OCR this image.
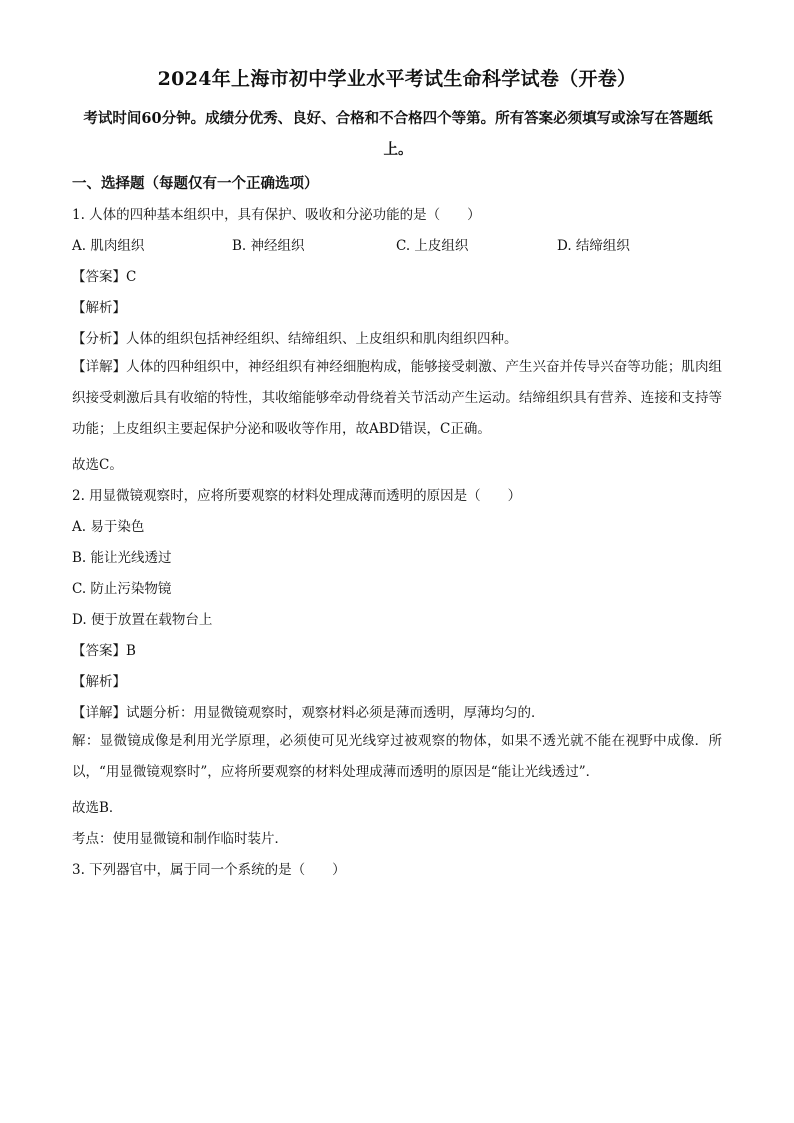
2024年上海市初中学业水平考试生命科学试卷（开卷）
考试时间60分钟。成绩分优秀、良好、合格和不合格四个等第。所有答案必须填写或涂写在答题纸上。
一、选择题（每题仅有一个正确选项）
1. 人体的四种基本组织中，具有保护、吸收和分泌功能的是（　　）
A. 肌肉组织	B. 神经组织	C. 上皮组织	D. 结缔组织
【答案】C
【解析】
【分析】人体的组织包括神经组织、结缔组织、上皮组织和肌肉组织四种。
【详解】人体的四种组织中，神经组织有神经细胞构成，能够接受刺激、产生兴奋并传导兴奋等功能；肌肉组织接受刺激后具有收缩的特性，其收缩能够牵动骨绕着关节活动产生运动。结缔组织具有营养、连接和支持等功能；上皮组织主要起保护分泌和吸收等作用，故ABD错误，C正确。
故选C。
2. 用显微镜观察时，应将所要观察的材料处理成薄而透明的原因是（　　）
A. 易于染色
B. 能让光线透过
C. 防止污染物镜
D. 便于放置在载物台上
【答案】B
【解析】
【详解】试题分析：用显微镜观察时，观察材料必须是薄而透明，厚薄均匀的．
解：显微镜成像是利用光学原理，必须使可见光线穿过被观察的物体，如果不透光就不能在视野中成像．所以，“用显微镜观察时”，应将所要观察的材料处理成薄而透明的原因是“能让光线透过”．
故选B．
考点：使用显微镜和制作临时装片．
3. 下列器官中，属于同一个系统的是（　　）
